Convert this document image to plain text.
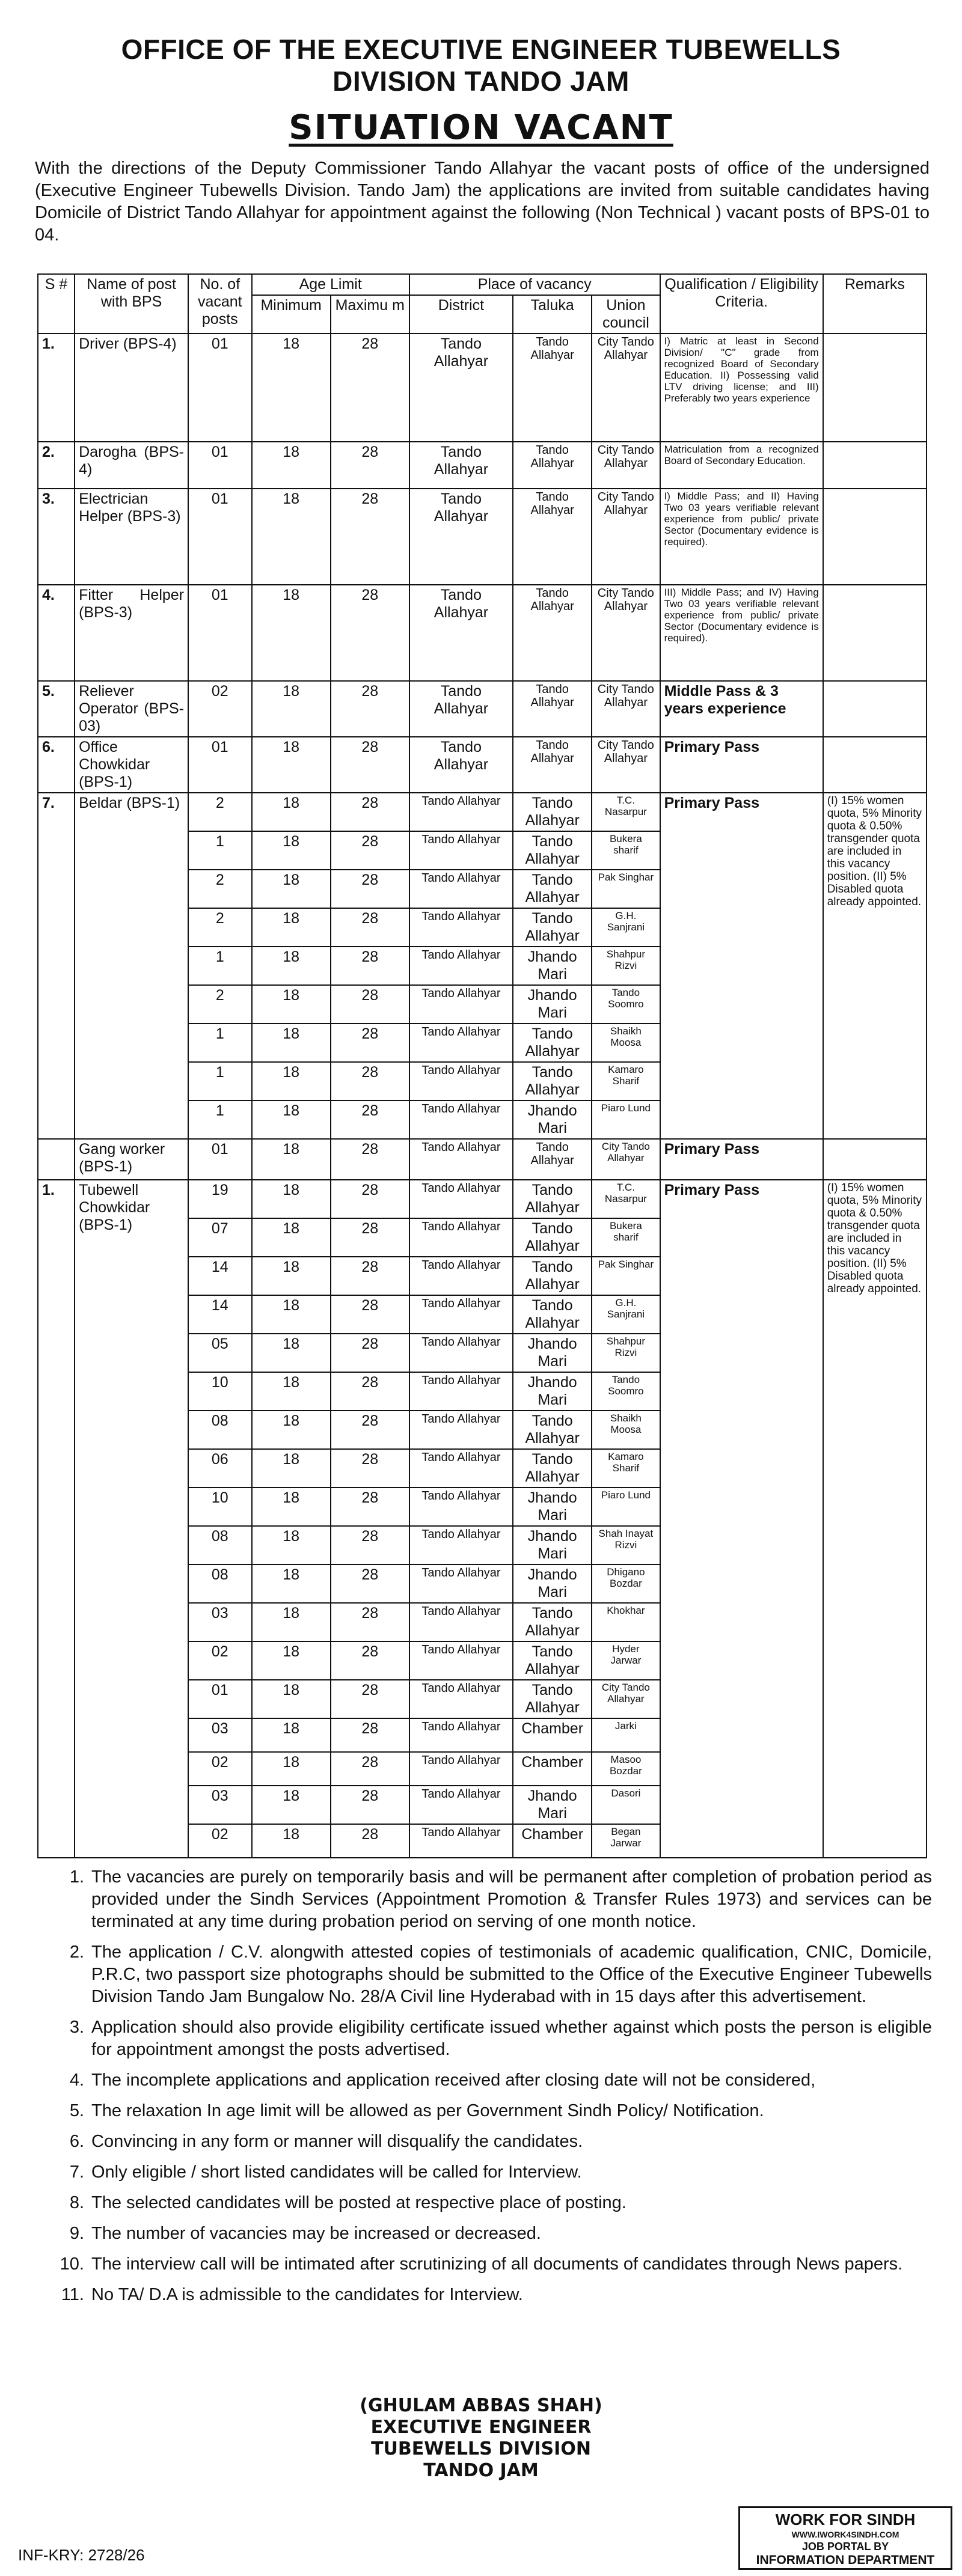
OFFICE OF THE EXECUTIVE ENGINEER TUBEWELLS
DIVISION TANDO JAM
SITUATION VACANT
With the directions of the Deputy Commissioner Tando Allahyar the vacant posts of office of the undersigned (Executive Engineer Tubewells Division. Tando Jam) the applications are invited from suitable candidates having Domicile of District Tando Allahyar for appointment against the following (Non Technical ) vacant posts of BPS-01 to 04.
S #	Name of post with BPS	No. of vacant posts	Age Limit		Place of vacancy			Qualification / Eligibility Criteria.	Remarks
			Minimum	Maximu m	District	Taluka	Union council		
1.	Driver (BPS-4)	01	18	28	Tando Allahyar	Tando Allahyar	City Tando Allahyar	I) Matric at least in Second Division/ "C" grade from recognized Board of Secondary Education. II) Possessing valid LTV driving license; and III) Preferably two years experience	
2.	Darogha (BPS-4)	01	18	28	Tando Allahyar	Tando Allahyar	City Tando Allahyar	Matriculation from a recognized Board of Secondary Education.	
3.	Electrician Helper (BPS-3)	01	18	28	Tando Allahyar	Tando Allahyar	City Tando Allahyar	I) Middle Pass; and II) Having Two 03 years verifiable relevant experience from public/ private Sector (Documentary evidence is required).	
4.	Fitter Helper (BPS-3)	01	18	28	Tando Allahyar	Tando Allahyar	City Tando Allahyar	III) Middle Pass; and IV) Having Two 03 years verifiable relevant experience from public/ private Sector (Documentary evidence is required).	
5.	Reliever Operator (BPS-03)	02	18	28	Tando Allahyar	Tando Allahyar	City Tando Allahyar	Middle Pass & 3 years experience	
6.	Office Chowkidar (BPS-1)	01	18	28	Tando Allahyar	Tando Allahyar	City Tando Allahyar	Primary Pass	
7.	Beldar (BPS-1)	2	18	28	Tando Allahyar	Tando Allahyar	T.C. Nasarpur	Primary Pass	(I) 15% women quota, 5% Minority quota & 0.50% transgender quota are included in this vacancy position. (II) 5% Disabled quota already appointed.
		1	18	28	Tando Allahyar	Tando Allahyar	Bukera sharif		
		2	18	28	Tando Allahyar	Tando Allahyar	Pak Singhar		
		2	18	28	Tando Allahyar	Tando Allahyar	G.H. Sanjrani		
		1	18	28	Tando Allahyar	Jhando Mari	Shahpur Rizvi		
		2	18	28	Tando Allahyar	Jhando Mari	Tando Soomro		
		1	18	28	Tando Allahyar	Tando Allahyar	Shaikh Moosa		
		1	18	28	Tando Allahyar	Tando Allahyar	Kamaro Sharif		
		1	18	28	Tando Allahyar	Jhando Mari	Piaro Lund		
	Gang worker (BPS-1)	01	18	28	Tando Allahyar	Tando Allahyar	City Tando Allahyar	Primary Pass	
1.	Tubewell Chowkidar (BPS-1)	19	18	28	Tando Allahyar	Tando Allahyar	T.C. Nasarpur	Primary Pass	(I) 15% women quota, 5% Minority quota & 0.50% transgender quota are included in this vacancy position. (II) 5% Disabled quota already appointed.
		07	18	28	Tando Allahyar	Tando Allahyar	Bukera sharif		
		14	18	28	Tando Allahyar	Tando Allahyar	Pak Singhar		
		14	18	28	Tando Allahyar	Tando Allahyar	G.H. Sanjrani		
		05	18	28	Tando Allahyar	Jhando Mari	Shahpur Rizvi		
		10	18	28	Tando Allahyar	Jhando Mari	Tando Soomro		
		08	18	28	Tando Allahyar	Tando Allahyar	Shaikh Moosa		
		06	18	28	Tando Allahyar	Tando Allahyar	Kamaro Sharif		
		10	18	28	Tando Allahyar	Jhando Mari	Piaro Lund		
		08	18	28	Tando Allahyar	Jhando Mari	Shah Inayat Rizvi		
		08	18	28	Tando Allahyar	Jhando Mari	Dhigano Bozdar		
		03	18	28	Tando Allahyar	Tando Allahyar	Khokhar		
		02	18	28	Tando Allahyar	Tando Allahyar	Hyder Jarwar		
		01	18	28	Tando Allahyar	Tando Allahyar	City Tando Allahyar		
		03	18	28	Tando Allahyar	Chamber	Jarki		
		02	18	28	Tando Allahyar	Chamber	Masoo Bozdar		
		03	18	28	Tando Allahyar	Jhando Mari	Dasori		
		02	18	28	Tando Allahyar	Chamber	Began Jarwar		
1. The vacancies are purely on temporarily basis and will be permanent after completion of probation period as provided under the Sindh Services (Appointment Promotion & Transfer Rules 1973) and services can be terminated at any time during probation period on serving of one month notice.
2. The application / C.V. alongwith attested copies of testimonials of academic qualification, CNIC, Domicile, P.R.C, two passport size photographs should be submitted to the Office of the Executive Engineer Tubewells Division Tando Jam Bungalow No. 28/A Civil line Hyderabad with in 15 days after this advertisement.
3. Application should also provide eligibility certificate issued whether against which posts the person is eligible for appointment amongst the posts advertised.
4. The incomplete applications and application received after closing date will not be considered,
5. The relaxation In age limit will be allowed as per Government Sindh Policy/ Notification.
6. Convincing in any form or manner will disqualify the candidates.
7. Only eligible / short listed candidates will be called for Interview.
8. The selected candidates will be posted at respective place of posting.
9. The number of vacancies may be increased or decreased.
10. The interview call will be intimated after scrutinizing of all documents of candidates through News papers.
11. No TA/ D.A is admissible to the candidates for Interview.
(GHULAM ABBAS SHAH)
EXECUTIVE ENGINEER
TUBEWELLS DIVISION
TANDO JAM
INF-KRY: 2728/26
WORK FOR SINDH
WWW.IWORK4SINDH.COM
JOB PORTAL BY
INFORMATION DEPARTMENT
